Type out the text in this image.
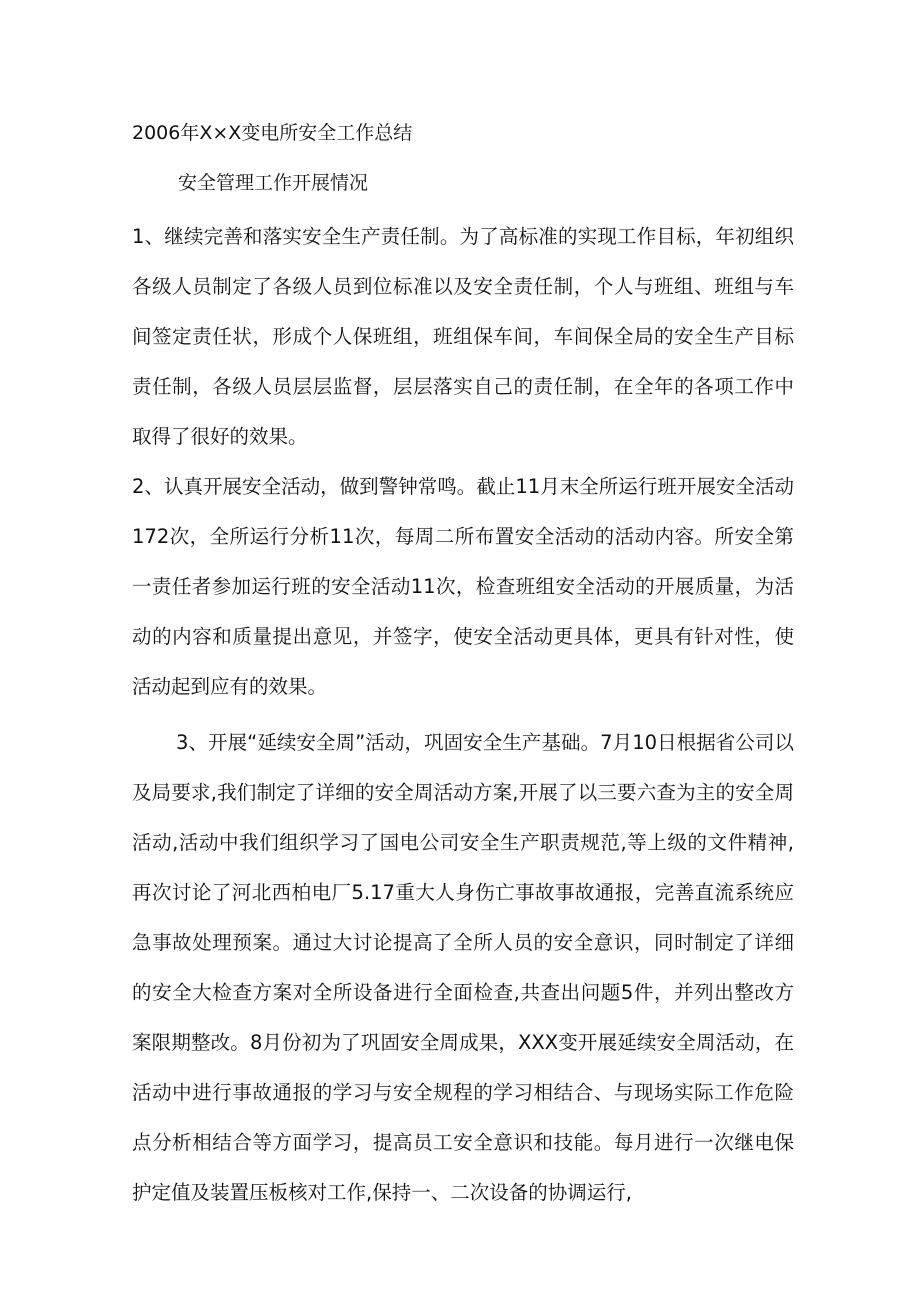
2006年X×X变电所安全工作总结
安全管理工作开展情况

1、继续完善和落实安全生产责任制。为了高标准的实现工作目标，年初组织各级人员制定了各级人员到位标准以及安全责任制，个人与班组、班组与车间签定责任状，形成个人保班组，班组保车间，车间保全局的安全生产目标责任制，各级人员层层监督，层层落实自己的责任制，在全年的各项工作中取得了很好的效果。

2、认真开展安全活动，做到警钟常鸣。截止11月末全所运行班开展安全活动172次，全所运行分析11次，每周二所布置安全活动的活动内容。所安全第一责任者参加运行班的安全活动11次，检查班组安全活动的开展质量，为活动的内容和质量提出意见，并签字，使安全活动更具体，更具有针对性，使活动起到应有的效果。

3、开展“延续安全周”活动，巩固安全生产基础。7月10日根据省公司以及局要求,我们制定了详细的安全周活动方案,开展了以三要六查为主的安全周活动,活动中我们组织学习了国电公司安全生产职责规范,等上级的文件精神,再次讨论了河北西柏电厂5.17重大人身伤亡事故事故通报，完善直流系统应急事故处理预案。通过大讨论提高了全所人员的安全意识，同时制定了详细的安全大检查方案对全所设备进行全面检查,共查出问题5件，并列出整改方案限期整改。8月份初为了巩固安全周成果，XXX变开展延续安全周活动，在活动中进行事故通报的学习与安全规程的学习相结合、与现场实际工作危险点分析相结合等方面学习，提高员工安全意识和技能。每月进行一次继电保护定值及装置压板核对工作,保持一、二次设备的协调运行,
